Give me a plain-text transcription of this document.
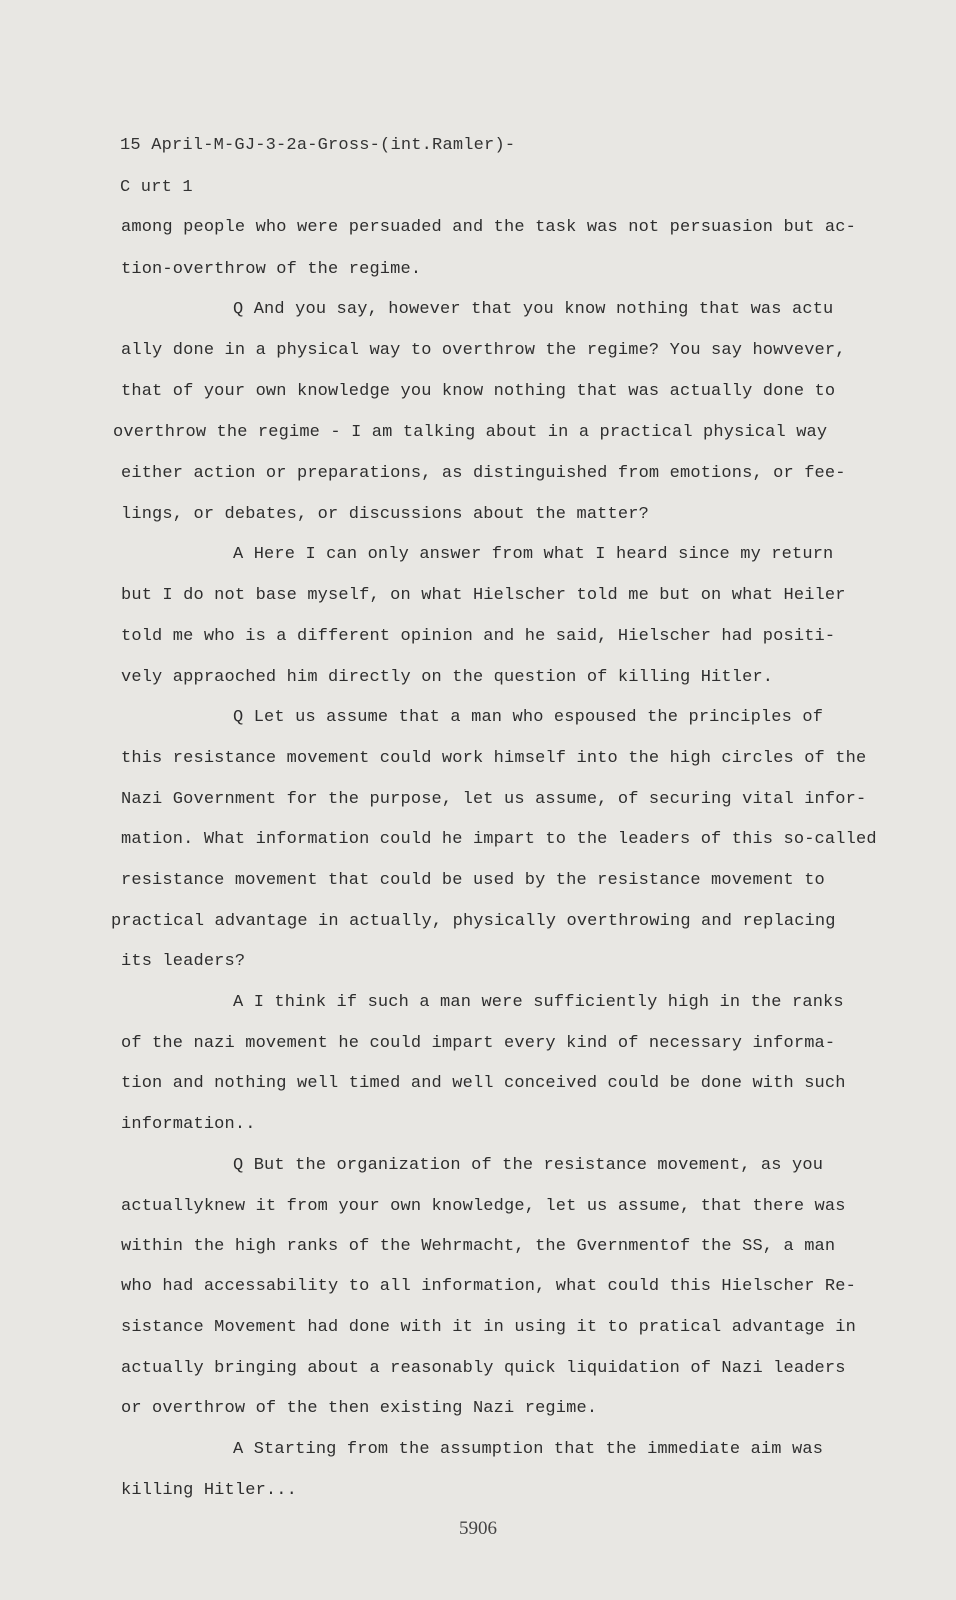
15 April-M-GJ-3-2a-Gross-(int.Ramler)-
C urt 1
among people who were persuaded and the task was not persuasion but ac-
tion-overthrow of the regime.
Q And you say, however that you know nothing that was actu
ally done in a physical way to overthrow the regime? You say howvever,
that of your own knowledge you know nothing that was actually done to
overthrow the regime - I am talking about in a practical physical way
either action or preparations, as distinguished from emotions, or fee-
lings, or debates, or discussions about the matter?
A Here I can only answer from what I heard since my return
but I do not base myself, on what Hielscher told me but on what Heiler
told me who is a different opinion and he said, Hielscher had positi-
vely appraoched him directly on the question of killing Hitler.
Q Let us assume that a man who espoused the principles of
this resistance movement could work himself into the high circles of the
Nazi Government for the purpose, let us assume, of securing vital infor-
mation. What information could he impart to the leaders of this so-called
resistance movement that could be used by the resistance movement to
practical advantage in actually, physically overthrowing and replacing
its leaders?
A I think if such a man were sufficiently high in the ranks
of the nazi movement he could impart every kind of necessary informa-
tion and nothing well timed and well conceived could be done with such
information..
Q But the organization of the resistance movement, as you
actuallyknew it from your own knowledge, let us assume, that there was
within the high ranks of the Wehrmacht, the Gvernmentof the SS, a man
who had accessability to all information, what could this Hielscher Re-
sistance Movement had done with it in using it to pratical advantage in
actually bringing about a reasonably quick liquidation of Nazi leaders
or overthrow of the then existing Nazi regime.
A Starting from the assumption that the immediate aim was
killing Hitler...
5906
